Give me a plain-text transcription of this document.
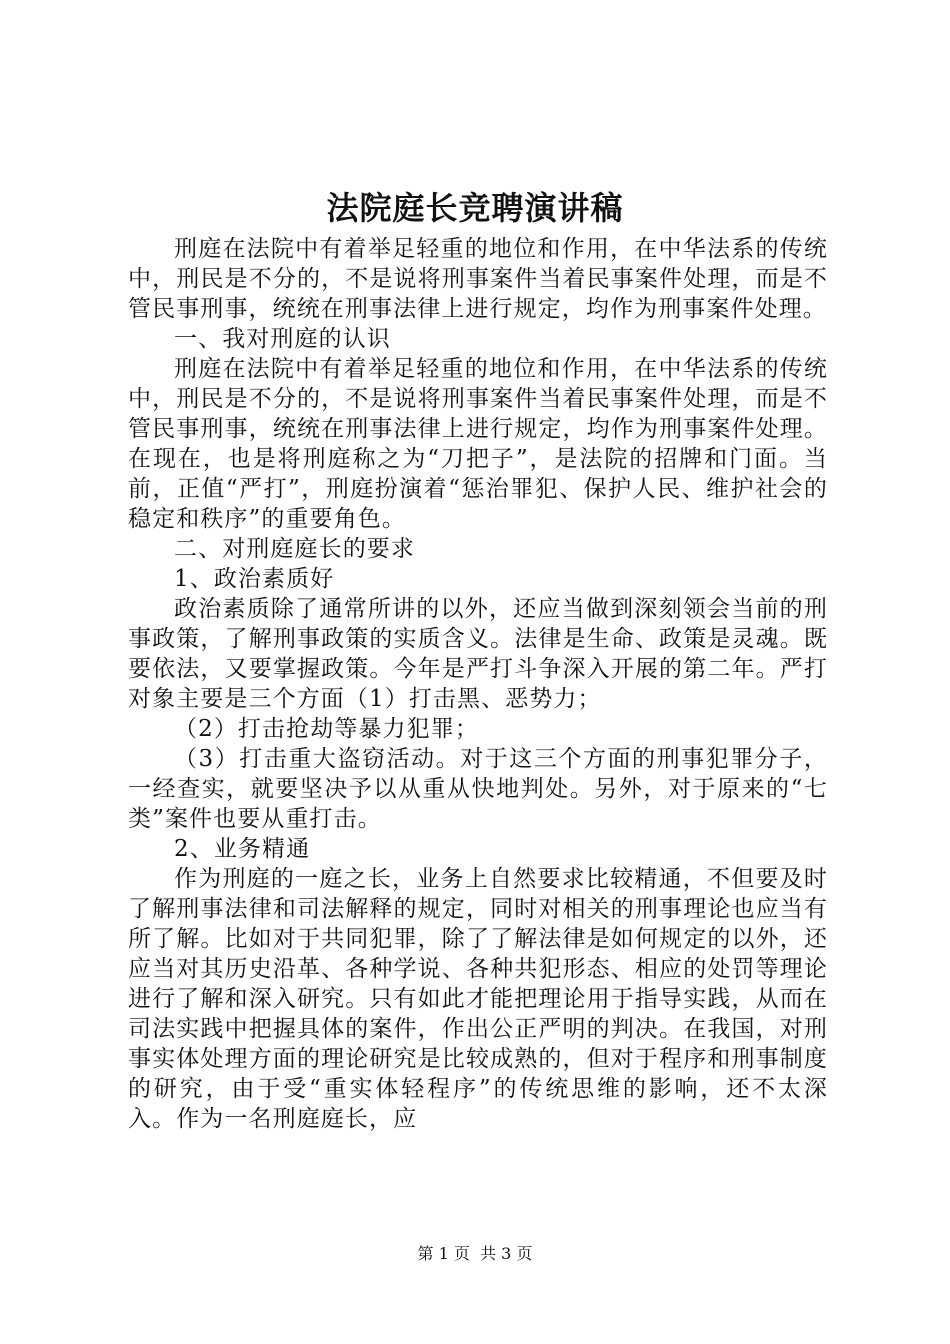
法院庭长竞聘演讲稿

刑庭在法院中有着举足轻重的地位和作用，在中华法系的传统中，刑民是不分的，不是说将刑事案件当着民事案件处理，而是不管民事刑事，统统在刑事法律上进行规定，均作为刑事案件处理。

一、我对刑庭的认识

刑庭在法院中有着举足轻重的地位和作用，在中华法系的传统中，刑民是不分的，不是说将刑事案件当着民事案件处理，而是不管民事刑事，统统在刑事法律上进行规定，均作为刑事案件处理。在现在，也是将刑庭称之为“刀把子”，是法院的招牌和门面。当前，正值“严打”，刑庭扮演着“惩治罪犯、保护人民、维护社会的稳定和秩序”的重要角色。

二、对刑庭庭长的要求

1、政治素质好

政治素质除了通常所讲的以外，还应当做到深刻领会当前的刑事政策，了解刑事政策的实质含义。法律是生命、政策是灵魂。既要依法，又要掌握政策。今年是严打斗争深入开展的第二年。严打对象主要是三个方面（1）打击黑、恶势力；

（2）打击抢劫等暴力犯罪；

（3）打击重大盗窃活动。对于这三个方面的刑事犯罪分子，一经查实，就要坚决予以从重从快地判处。另外，对于原来的“七类”案件也要从重打击。

2、业务精通

作为刑庭的一庭之长，业务上自然要求比较精通，不但要及时了解刑事法律和司法解释的规定，同时对相关的刑事理论也应当有所了解。比如对于共同犯罪，除了了解法律是如何规定的以外，还应当对其历史沿革、各种学说、各种共犯形态、相应的处罚等理论进行了解和深入研究。只有如此才能把理论用于指导实践，从而在司法实践中把握具体的案件，作出公正严明的判决。在我国，对刑事实体处理方面的理论研究是比较成熟的，但对于程序和刑事制度的研究，由于受“重实体轻程序”的传统思维的影响，还不太深入。作为一名刑庭庭长，应

第 1 页  共 3 页
